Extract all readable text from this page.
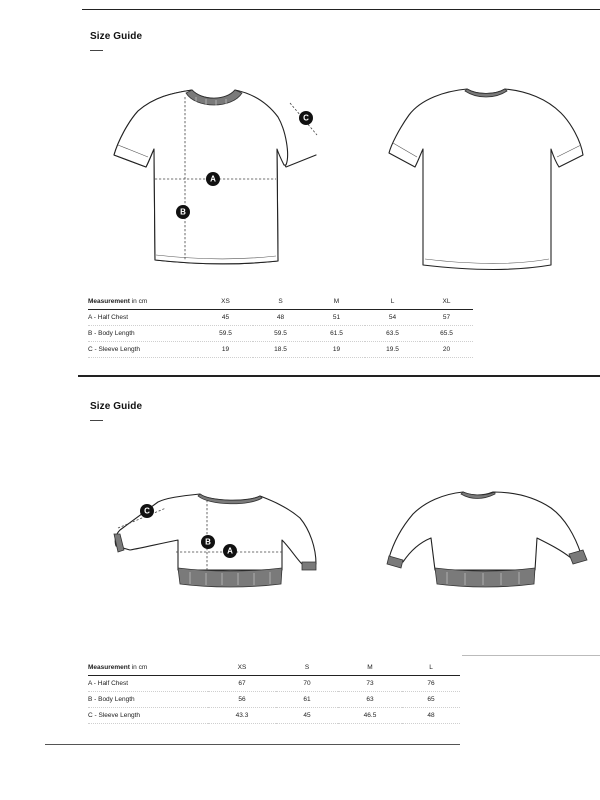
Size Guide
A
B
C
Measurement in cm	XS	S	M	L	XL
A - Half Chest	45	48	51	54	57
B - Body Length	59.5	59.5	61.5	63.5	65.5
C - Sleeve Length	19	18.5	19	19.5	20
Size Guide
C
B
A
Measurement in cm	XS	S	M	L
A - Half Chest	67	70	73	76
B - Body Length	56	61	63	65
C - Sleeve Length	43.3	45	46.5	48
